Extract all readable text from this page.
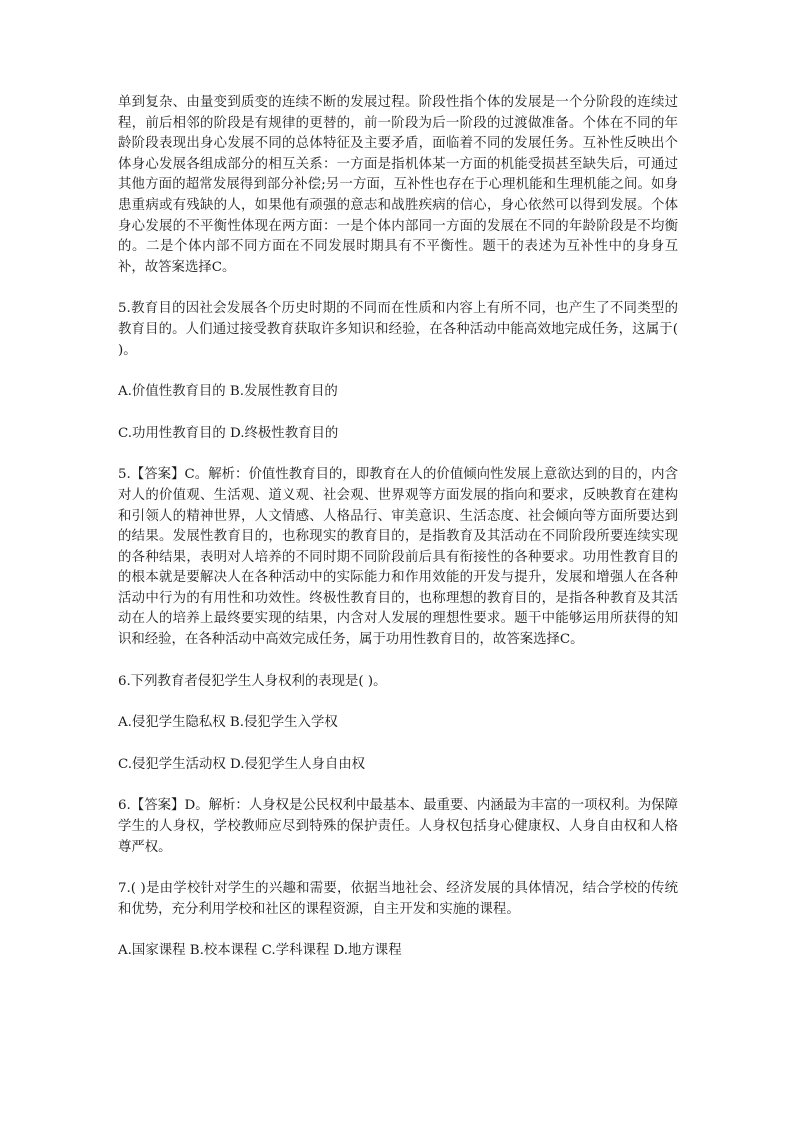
单到复杂、由量变到质变的连续不断的发展过程。阶段性指个体的发展是一个分阶段的连续过程，前后相邻的阶段是有规律的更替的，前一阶段为后一阶段的过渡做准备。个体在不同的年龄阶段表现出身心发展不同的总体特征及主要矛盾，面临着不同的发展任务。互补性反映出个体身心发展各组成部分的相互关系：一方面是指机体某一方面的机能受损甚至缺失后，可通过其他方面的超常发展得到部分补偿;另一方面，互补性也存在于心理机能和生理机能之间。如身患重病或有残缺的人，如果他有顽强的意志和战胜疾病的信心，身心依然可以得到发展。个体身心发展的不平衡性体现在两方面：一是个体内部同一方面的发展在不同的年龄阶段是不均衡的。二是个体内部不同方面在不同发展时期具有不平衡性。题干的表述为互补性中的身身互补，故答案选择C。

5.教育目的因社会发展各个历史时期的不同而在性质和内容上有所不同，也产生了不同类型的教育目的。人们通过接受教育获取许多知识和经验，在各种活动中能高效地完成任务，这属于( )。

A.价值性教育目的 B.发展性教育目的

C.功用性教育目的 D.终极性教育目的

5.【答案】C。解析：价值性教育目的，即教育在人的价值倾向性发展上意欲达到的目的，内含对人的价值观、生活观、道义观、社会观、世界观等方面发展的指向和要求，反映教育在建构和引领人的精神世界，人文情感、人格品行、审美意识、生活态度、社会倾向等方面所要达到的结果。发展性教育目的，也称现实的教育目的，是指教育及其活动在不同阶段所要连续实现的各种结果，表明对人培养的不同时期不同阶段前后具有衔接性的各种要求。功用性教育目的的根本就是要解决人在各种活动中的实际能力和作用效能的开发与提升，发展和增强人在各种活动中行为的有用性和功效性。终极性教育目的，也称理想的教育目的，是指各种教育及其活动在人的培养上最终要实现的结果，内含对人发展的理想性要求。题干中能够运用所获得的知识和经验，在各种活动中高效完成任务，属于功用性教育目的，故答案选择C。

6.下列教育者侵犯学生人身权利的表现是( )。

A.侵犯学生隐私权 B.侵犯学生入学权

C.侵犯学生活动权 D.侵犯学生人身自由权

6.【答案】D。解析：人身权是公民权利中最基本、最重要、内涵最为丰富的一项权利。为保障学生的人身权，学校教师应尽到特殊的保护责任。人身权包括身心健康权、人身自由权和人格尊严权。

7.( )是由学校针对学生的兴趣和需要，依据当地社会、经济发展的具体情况，结合学校的传统和优势，充分利用学校和社区的课程资源，自主开发和实施的课程。

A.国家课程 B.校本课程 C.学科课程 D.地方课程
